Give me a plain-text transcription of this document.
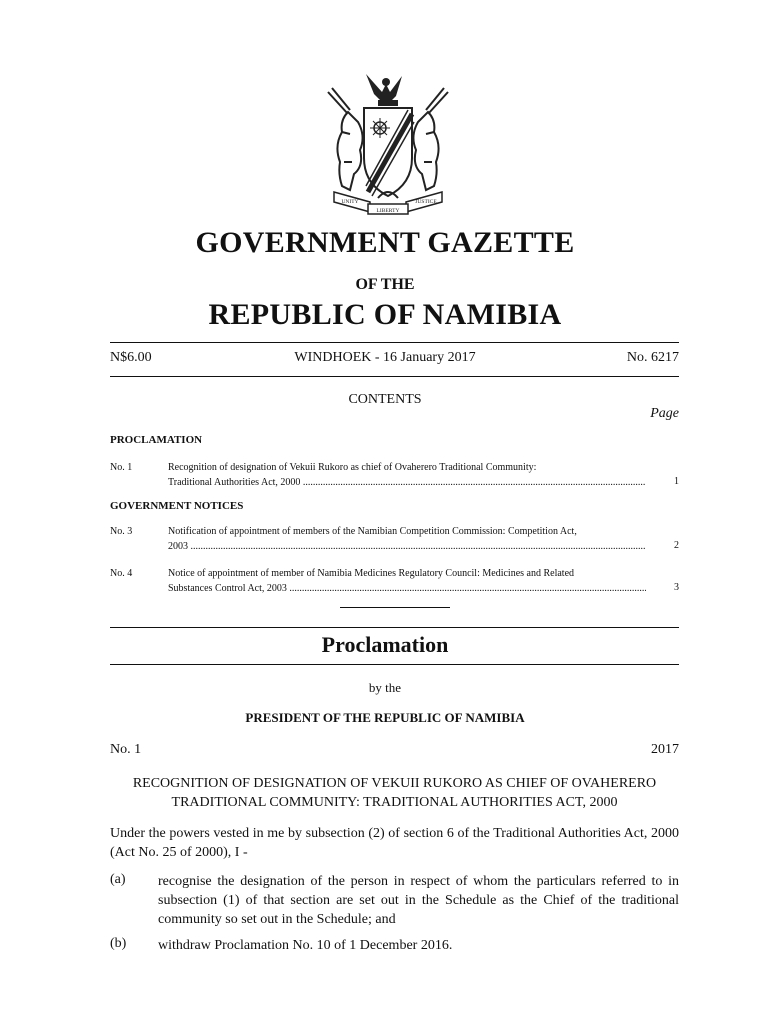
UNITY
LIBERTY
JUSTICE
GOVERNMENT GAZETTE
OF THE
REPUBLIC OF NAMIBIA
N$6.00	WINDHOEK - 16 January 2017	No. 6217
CONTENTS
Page
PROCLAMATION
No. 1	Recognition of designation of Vekuii Rukoro as chief of Ovaherero Traditional Community:
Traditional Authorities Act, 2000 .....	1
GOVERNMENT NOTICES
No. 3	Notification of appointment of members of the Namibian Competition Commission: Competition Act,
2003 .....	2
No. 4	Notice of appointment of member of Namibia Medicines Regulatory Council: Medicines and Related
Substances Control Act, 2003 .....	3
Proclamation
by the
PRESIDENT OF THE REPUBLIC OF NAMIBIA
No. 1	2017
RECOGNITION OF DESIGNATION OF VEKUII RUKORO AS CHIEF OF OVAHERERO
TRADITIONAL COMMUNITY: TRADITIONAL AUTHORITIES ACT, 2000
Under the powers vested in me by subsection (2) of section 6 of the Traditional Authorities Act, 2000 (Act No. 25 of 2000), I -
(a) recognise the designation of the person in respect of whom the particulars referred to in subsection (1) of that section are set out in the Schedule as the Chief of the traditional community so set out in the Schedule; and
(b) withdraw Proclamation No. 10 of 1 December 2016.
